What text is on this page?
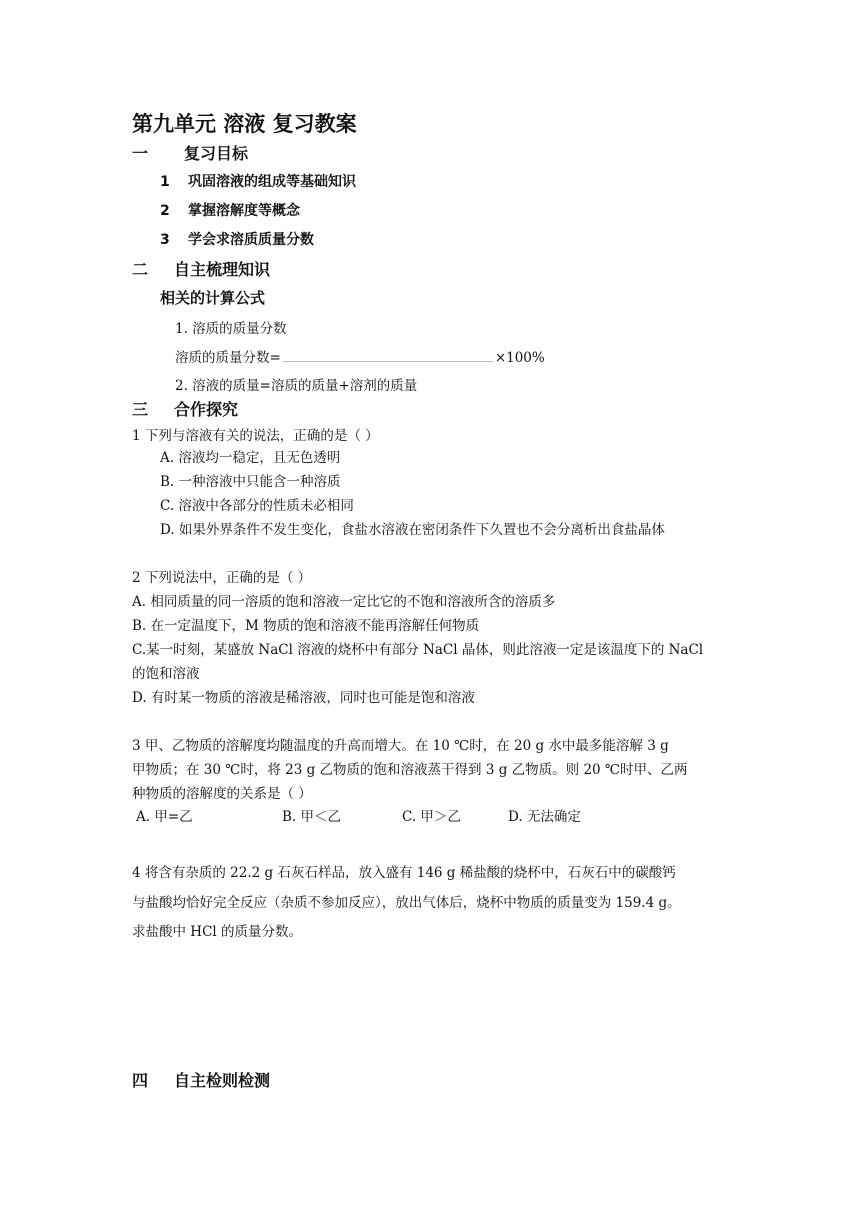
第九单元 溶液 复习教案
一 复习目标
1 巩固溶液的组成等基础知识
2 掌握溶解度等概念
3 学会求溶质质量分数
二 自主梳理知识
相关的计算公式
1. 溶质的质量分数
溶质的质量分数=	×100%
2. 溶液的质量=溶质的质量+溶剂的质量
三 合作探究
1 下列与溶液有关的说法，正确的是（ ）
A. 溶液均一稳定，且无色透明
B. 一种溶液中只能含一种溶质
C. 溶液中各部分的性质未必相同
D. 如果外界条件不发生变化，食盐水溶液在密闭条件下久置也不会分离析出食盐晶体
2 下列说法中，正确的是（ ）
A. 相同质量的同一溶质的饱和溶液一定比它的不饱和溶液所含的溶质多
B. 在一定温度下，M 物质的饱和溶液不能再溶解任何物质
C.某一时刻，某盛放 NaCl 溶液的烧杯中有部分 NaCl 晶体，则此溶液一定是该温度下的 NaCl
的饱和溶液
D. 有时某一物质的溶液是稀溶液，同时也可能是饱和溶液
3 甲、乙物质的溶解度均随温度的升高而增大。在 10 ℃时，在 20 g 水中最多能溶解 3 g
甲物质；在 30 ℃时，将 23 g 乙物质的饱和溶液蒸干得到 3 g 乙物质。则 20 ℃时甲、乙两
种物质的溶解度的关系是（ ）
A. 甲=乙	B. 甲＜乙	C. 甲＞乙	D. 无法确定
4 将含有杂质的 22.2 g 石灰石样品，放入盛有 146 g 稀盐酸的烧杯中，石灰石中的碳酸钙
与盐酸均恰好完全反应（杂质不参加反应），放出气体后，烧杯中物质的质量变为 159.4 g。
求盐酸中 HCl 的质量分数。
四 自主检则检测
